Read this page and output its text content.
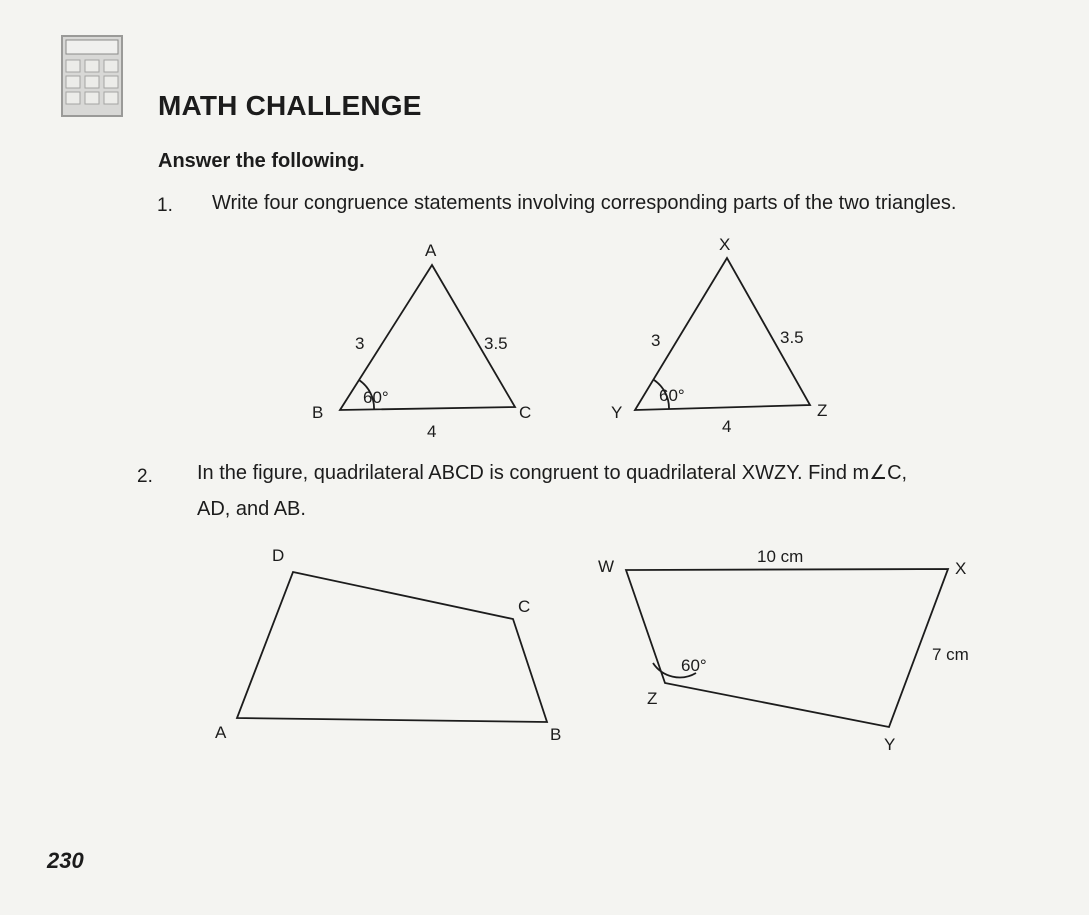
MATH CHALLENGE
Answer the following.
1. Write four congruence statements involving corresponding parts of the two triangles.
2. In the figure, quadrilateral ABCD is congruent to quadrilateral XWZY. Find m∠C,
AD, and AB.
A
B	C
3	3.5
4
60°
X
Y	Z
3	3.5
4
60°
D
C
B
A
W	X
Y
Z
10 cm
7 cm
60°
230
